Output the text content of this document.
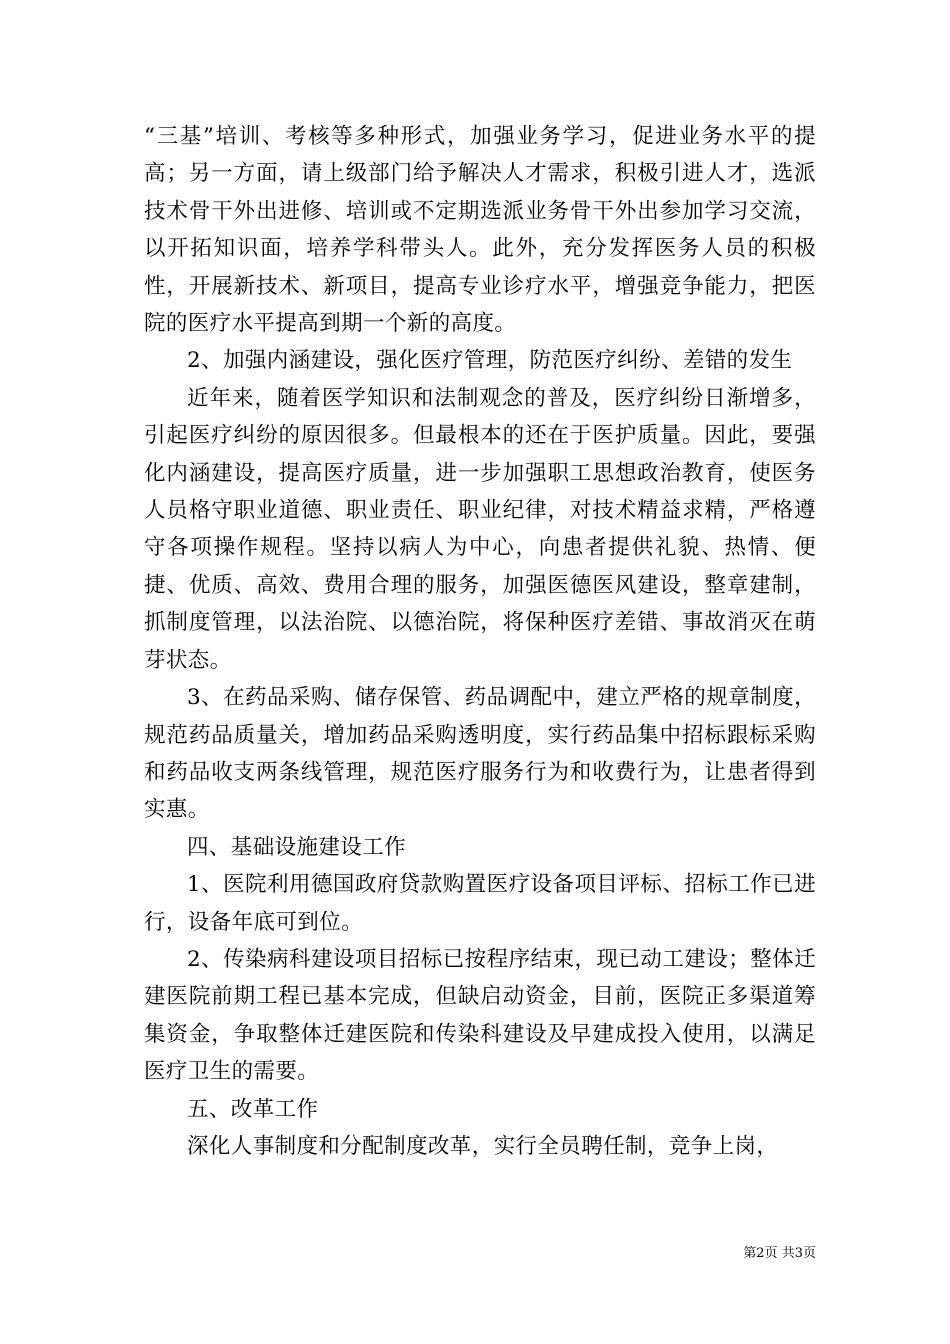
“三基”培训、考核等多种形式，加强业务学习，促进业务水平的提高；另一方面，请上级部门给予解决人才需求，积极引进人才，选派技术骨干外出进修、培训或不定期选派业务骨干外出参加学习交流，以开拓知识面，培养学科带头人。此外，充分发挥医务人员的积极性，开展新技术、新项目，提高专业诊疗水平，增强竞争能力，把医院的医疗水平提高到期一个新的高度。

2、加强内涵建设，强化医疗管理，防范医疗纠纷、差错的发生

近年来，随着医学知识和法制观念的普及，医疗纠纷日渐增多，引起医疗纠纷的原因很多。但最根本的还在于医护质量。因此，要强化内涵建设，提高医疗质量，进一步加强职工思想政治教育，使医务人员格守职业道德、职业责任、职业纪律，对技术精益求精，严格遵守各项操作规程。坚持以病人为中心，向患者提供礼貌、热情、便捷、优质、高效、费用合理的服务，加强医德医风建设，整章建制，抓制度管理，以法治院、以德治院，将保种医疗差错、事故消灭在萌芽状态。

3、在药品采购、储存保管、药品调配中，建立严格的规章制度，规范药品质量关，增加药品采购透明度，实行药品集中招标跟标采购和药品收支两条线管理，规范医疗服务行为和收费行为，让患者得到实惠。

四、基础设施建设工作

1、医院利用德国政府贷款购置医疗设备项目评标、招标工作已进行，设备年底可到位。

2、传染病科建设项目招标已按程序结束，现已动工建设；整体迁建医院前期工程已基本完成，但缺启动资金，目前，医院正多渠道筹集资金，争取整体迁建医院和传染科建设及早建成投入使用，以满足医疗卫生的需要。

五、改革工作

深化人事制度和分配制度改革，实行全员聘任制，竞争上岗，

第2页 共3页
